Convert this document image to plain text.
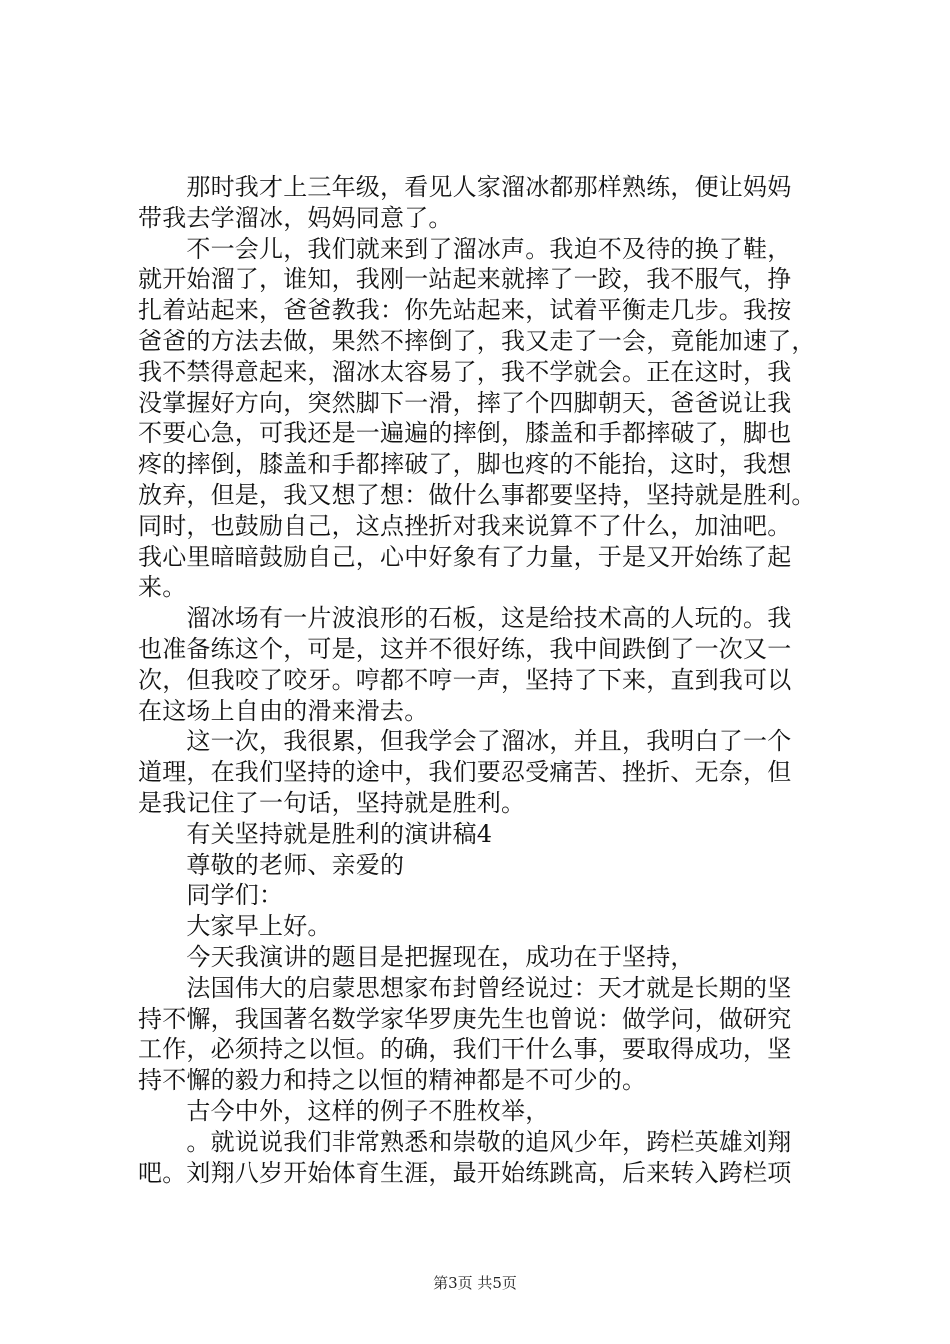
　　那时我才上三年级，看见人家溜冰都那样熟练，便让妈妈

带我去学溜冰，妈妈同意了。

　　不一会儿，我们就来到了溜冰声。我迫不及待的换了鞋，

就开始溜了，谁知，我刚一站起来就摔了一跤，我不服气，挣

扎着站起来，爸爸教我：你先站起来，试着平衡走几步。我按

爸爸的方法去做，果然不摔倒了，我又走了一会，竟能加速了，

我不禁得意起来，溜冰太容易了，我不学就会。正在这时，我

没掌握好方向，突然脚下一滑，摔了个四脚朝天，爸爸说让我

不要心急，可我还是一遍遍的摔倒，膝盖和手都摔破了，脚也

疼的摔倒，膝盖和手都摔破了，脚也疼的不能抬，这时，我想

放弃，但是，我又想了想：做什么事都要坚持，坚持就是胜利。

同时，也鼓励自己，这点挫折对我来说算不了什么，加油吧。

我心里暗暗鼓励自己，心中好象有了力量，于是又开始练了起

来。

　　溜冰场有一片波浪形的石板，这是给技术高的人玩的。我

也准备练这个，可是，这并不很好练，我中间跌倒了一次又一

次，但我咬了咬牙。哼都不哼一声，坚持了下来，直到我可以

在这场上自由的滑来滑去。

　　这一次，我很累，但我学会了溜冰，并且，我明白了一个

道理，在我们坚持的途中，我们要忍受痛苦、挫折、无奈，但

是我记住了一句话，坚持就是胜利。

　　有关坚持就是胜利的演讲稿4

　　尊敬的老师、亲爱的

　　同学们：

　　大家早上好。

　　今天我演讲的题目是把握现在，成功在于坚持，

　　法国伟大的启蒙思想家布封曾经说过：天才就是长期的坚

持不懈，我国著名数学家华罗庚先生也曾说：做学问，做研究

工作，必须持之以恒。的确，我们干什么事，要取得成功，坚

持不懈的毅力和持之以恒的精神都是不可少的。

　　古今中外，这样的例子不胜枚举，

　　。就说说我们非常熟悉和崇敬的追风少年，跨栏英雄刘翔

吧。刘翔八岁开始体育生涯，最开始练跳高，后来转入跨栏项

第3页 共5页
